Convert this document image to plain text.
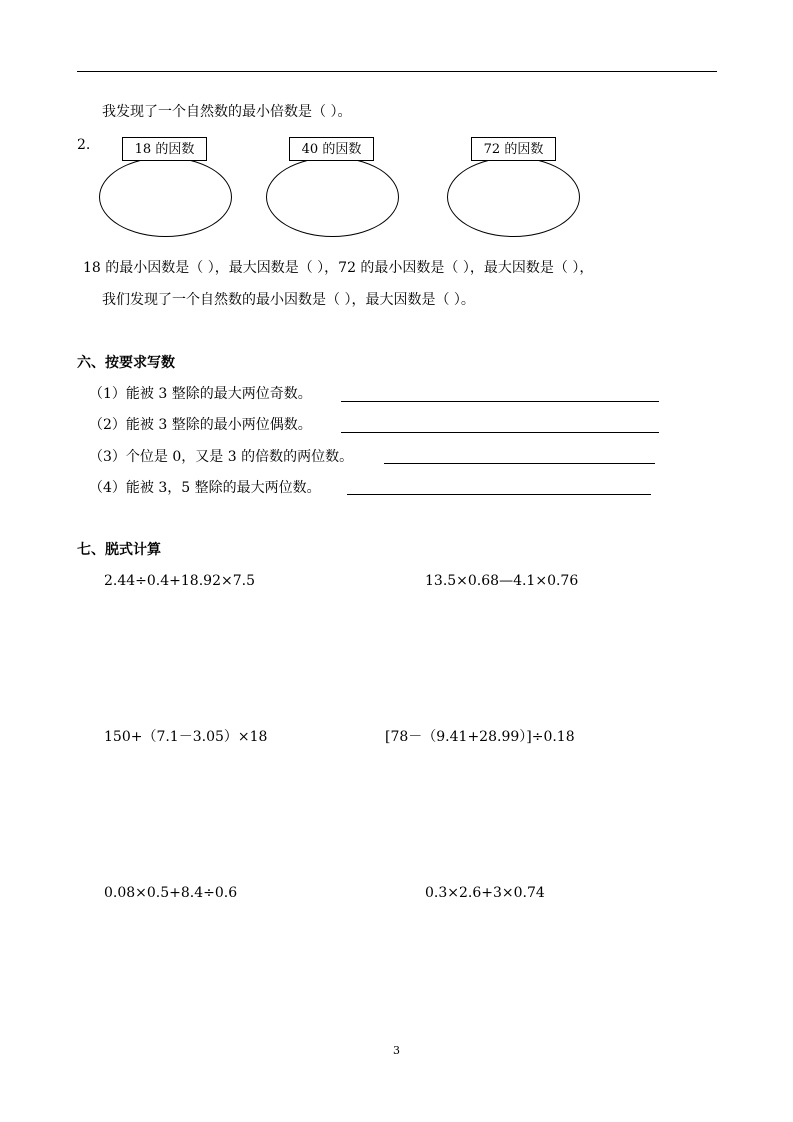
我发现了一个自然数的最小倍数是（ ）。
2.	18 的因数	40 的因数	72 的因数
18 的最小因数是（ ），最大因数是（ ），72 的最小因数是（ ），最大因数是（ ），
我们发现了一个自然数的最小因数是（ ），最大因数是（ ）。
六、按要求写数
（1）能被 3 整除的最大两位奇数。
（2）能被 3 整除的最小两位偶数。
（3）个位是 0，又是 3 的倍数的两位数。
（4）能被 3，5 整除的最大两位数。
七、脱式计算
2.44÷0.4+18.92×7.5	13.5×0.68—4.1×0.76
150+（7.1－3.05）×18	[78－（9.41+28.99）]÷0.18
0.08×0.5+8.4÷0.6	0.3×2.6+3×0.74
3
